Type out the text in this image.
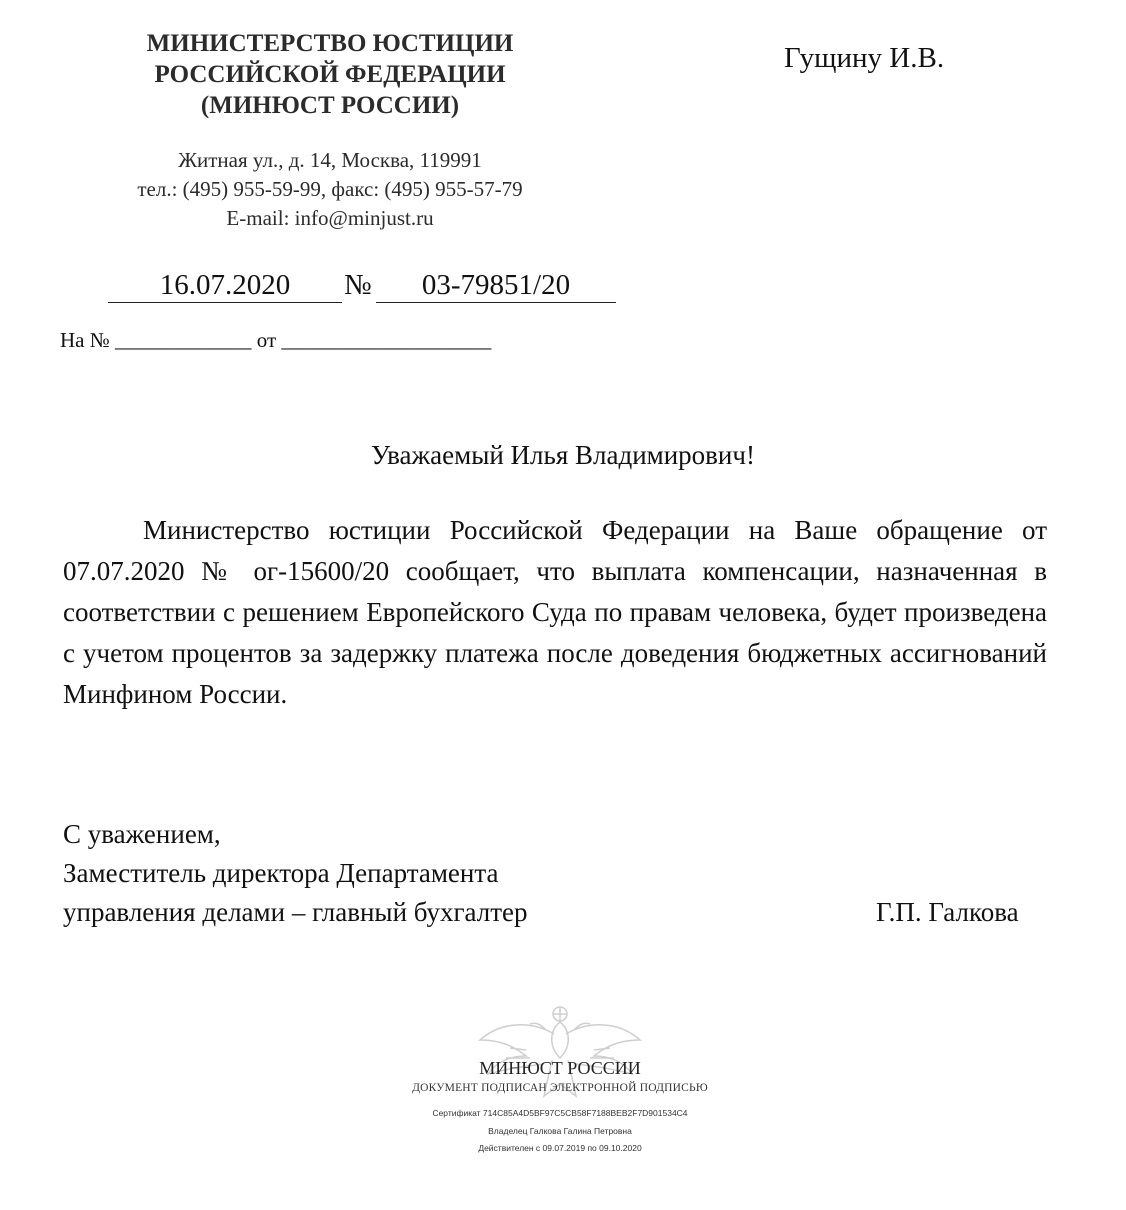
МИНИСТЕРСТВО ЮСТИЦИИ
РОССИЙСКОЙ ФЕДЕРАЦИИ
(МИНЮСТ РОССИИ)
Житная ул., д. 14, Москва, 119991
тел.: (495) 955-59-99, факс: (495) 955-57-79
E-mail: info@minjust.ru
Гущину И.В.
16.07.2020	№	03-79851/20
На № _____________ от ____________________
Уважаемый Илья Владимирович!
Министерство юстиции Российской Федерации на Ваше обращение от 07.07.2020 № ог-15600/20 сообщает, что выплата компенсации, назначенная в соответствии с решением Европейского Суда по правам человека, будет произведена с учетом процентов за задержку платежа после доведения бюджетных ассигнований Минфином России.
С уважением,
Заместитель директора Департамента
управления делами – главный бухгалтер	Г.П. Галкова
МИНЮСТ РОССИИ
ДОКУМЕНТ ПОДПИСАН ЭЛЕКТРОННОЙ ПОДПИСЬЮ
Сертификат 714C85A4D5BF97C5CB58F7188BEB2F7D901534C4
Владелец Галкова Галина Петровна
Действителен с 09.07.2019 по 09.10.2020
